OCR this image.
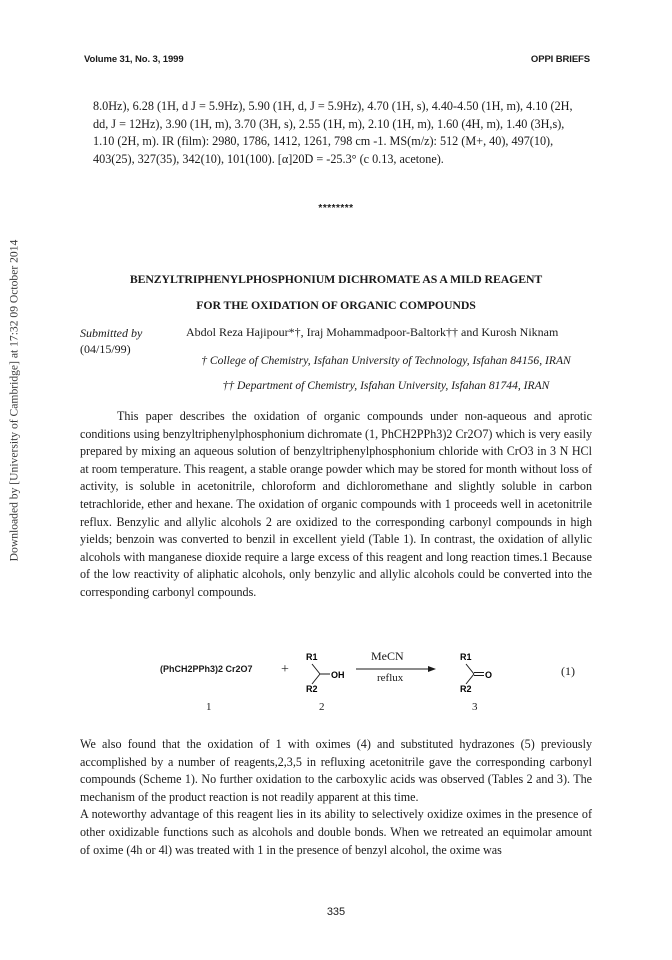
Downloaded by [University of Cambridge] at 17:32 09 October 2014
Volume 31, No. 3, 1999	OPPI BRIEFS

8.0Hz), 6.28 (1H, d J = 5.9Hz), 5.90 (1H, d, J = 5.9Hz), 4.70 (1H, s), 4.40-4.50 (1H, m), 4.10 (2H,

dd, J = 12Hz), 3.90 (1H, m), 3.70 (3H, s), 2.55 (1H, m), 2.10 (1H, m), 1.60 (4H, m), 1.40 (3H,s),

1.10 (2H, m). IR (film): 2980, 1786, 1412, 1261, 798 cm -1. MS(m/z): 512 (M+, 40), 497(10),

403(25), 327(35), 342(10), 101(100). [α]20D = -25.3° (c 0.13, acetone).

********
BENZYLTRIPHENYLPHOSPHONIUM DICHROMATE AS A MILD REAGENT
FOR THE OXIDATION OF ORGANIC COMPOUNDS
Submitted by
(04/15/99)
Abdol Reza Hajipour*†, Iraj Mohammadpoor-Baltork†† and Kurosh Niknam
† College of Chemistry, Isfahan University of Technology, Isfahan 84156, IRAN
†† Department of Chemistry, Isfahan University, Isfahan 81744, IRAN

This paper describes the oxidation of organic compounds under non-aqueous and aprotic conditions using benzyltriphenylphosphonium dichromate (1, PhCH2PPh3)2 Cr2O7) which is very easily prepared by mixing an aqueous solution of benzyltriphenylphosphonium chloride with CrO3 in 3 N HCl at room temperature. This reagent, a stable orange powder which may be stored for month without loss of activity, is soluble in acetonitrile, chloroform and dichloromethane and slightly soluble in carbon tetrachloride, ether and hexane. The oxidation of organic compounds with 1 proceeds well in acetonitrile reflux. Benzylic and allylic alcohols 2 are oxidized to the corresponding carbonyl compounds in high yields; benzoin was converted to benzil in excellent yield (Table 1). In contrast, the oxidation of allylic alcohols with manganese dioxide require a large excess of this reagent and long reaction times.1 Because of the low reactivity of aliphatic alcohols, only benzylic and allylic alcohols could be converted into the corresponding carbonyl compounds.

(PhCH2PPh3)2 Cr2O7 +
R1
R2
OH
MeCN
reflux
R1
R2
O	(1)
1	2	3

We also found that the oxidation of 1 with oximes (4) and substituted hydrazones (5) previously accomplished by a number of reagents,2,3,5 in refluxing acetonitrile gave the corresponding carbonyl compounds (Scheme 1). No further oxidation to the carboxylic acids was observed (Tables 2 and 3). The mechanism of the product reaction is not readily apparent at this time.

A noteworthy advantage of this reagent lies in its ability to selectively oxidize oximes in the presence of other oxidizable functions such as alcohols and double bonds. When we retreated an equimolar amount of oxime (4h or 4l) was treated with 1 in the presence of benzyl alcohol, the oxime was

335
